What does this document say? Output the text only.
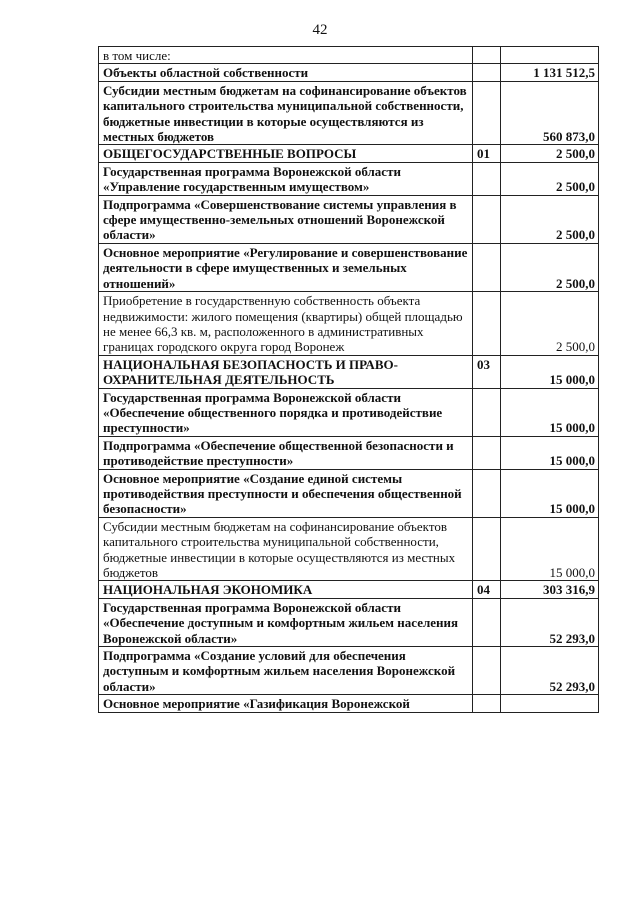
42
в том числе:		
Объекты областной собственности		1 131 512,5
Субсидии местным бюджетам на софинансирование объектов капитального строительства муниципальной собственности, бюджетные инвестиции в которые осуществляются из местных бюджетов		560 873,0
ОБЩЕГОСУДАРСТВЕННЫЕ ВОПРОСЫ	01	2 500,0
Государственная программа Воронежской области «Управление государственным имуществом»		2 500,0
Подпрограмма «Совершенствование системы управления в сфере имущественно-земельных отношений Воронежской области»		2 500,0
Основное мероприятие «Регулирование и совершенствование деятельности в сфере имущественных и земельных отношений»		2 500,0
Приобретение в государственную собственность объекта недвижимости: жилого помещения (квартиры) общей площадью не менее 66,3 кв. м, расположенного в административных границах городского округа город Воронеж		2 500,0
НАЦИОНАЛЬНАЯ БЕЗОПАСНОСТЬ И ПРАВООХРАНИТЕЛЬНАЯ ДЕЯТЕЛЬНОСТЬ	03	15 000,0
Государственная программа Воронежской области «Обеспечение общественного порядка и противодействие преступности»		15 000,0
Подпрограмма «Обеспечение общественной безопасности и противодействие преступности»		15 000,0
Основное мероприятие «Создание единой системы противодействия преступности и обеспечения общественной безопасности»		15 000,0
Субсидии местным бюджетам на софинансирование объектов капитального строительства муниципальной собственности, бюджетные инвестиции в которые осуществляются из местных бюджетов		15 000,0
НАЦИОНАЛЬНАЯ ЭКОНОМИКА	04	303 316,9
Государственная программа Воронежской области «Обеспечение доступным и комфортным жильем населения Воронежской области»		52 293,0
Подпрограмма «Создание условий для обеспечения доступным и комфортным жильем населения Воронежской области»		52 293,0
Основное мероприятие «Газификация Воронежской		
